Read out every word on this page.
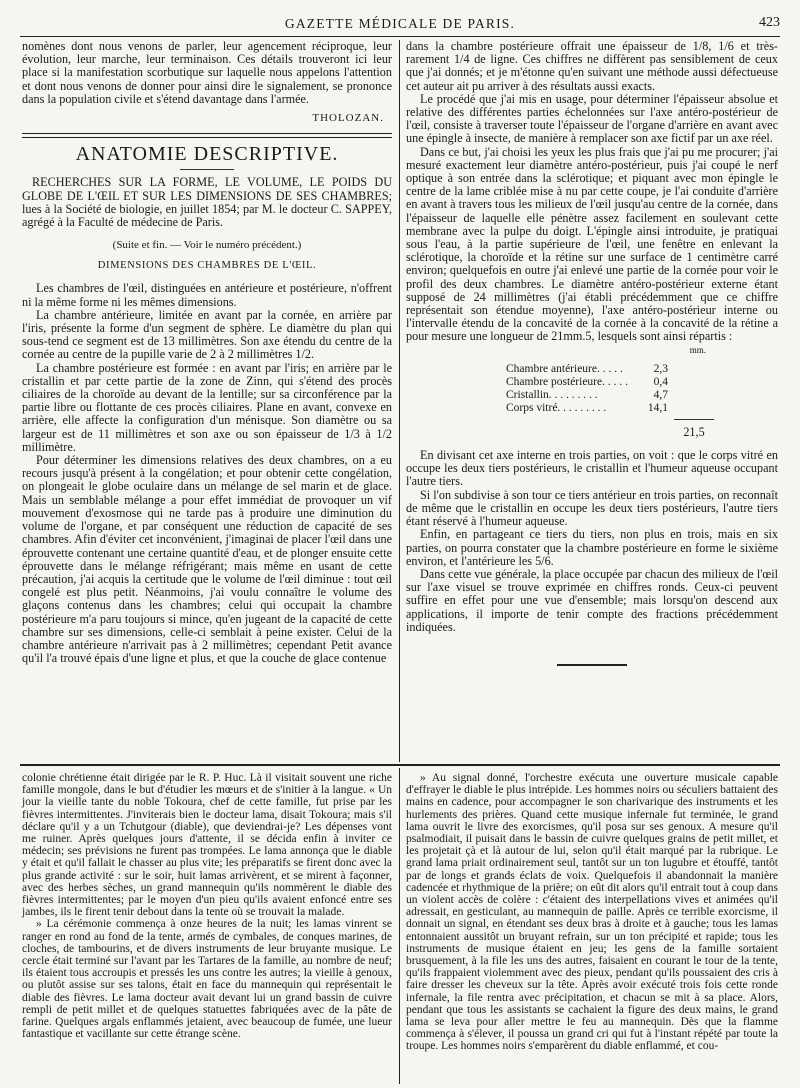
GAZETTE MÉDICALE DE PARIS.	423

nomènes dont nous venons de parler, leur agencement réciproque, leur évolution, leur marche, leur terminaison. Ces détails trouveront ici leur place si la manifestation scorbutique sur laquelle nous appelons l'attention et dont nous venons de donner pour ainsi dire le signalement, se prononce dans la population civile et s'étend davantage dans l'armée.

THOLOZAN.
ANATOMIE DESCRIPTIVE.
RECHERCHES SUR LA FORME, LE VOLUME, LE POIDS DU GLOBE DE L'ŒIL ET SUR LES DIMENSIONS DE SES CHAMBRES; lues à la Société de biologie, en juillet 1854; par M. le docteur C. SAPPEY, agrégé à la Faculté de médecine de Paris.
(Suite et fin. — Voir le numéro précédent.)
DIMENSIONS DES CHAMBRES DE L'ŒIL.

Les chambres de l'œil, distinguées en antérieure et postérieure, n'offrent ni la même forme ni les mêmes dimensions.

La chambre antérieure, limitée en avant par la cornée, en arrière par l'iris, présente la forme d'un segment de sphère. Le diamètre du plan qui sous-tend ce segment est de 13 millimètres. Son axe étendu du centre de la cornée au centre de la pupille varie de 2 à 2 millimètres 1/2.

La chambre postérieure est formée : en avant par l'iris; en arrière par le cristallin et par cette partie de la zone de Zinn, qui s'étend des procès ciliaires de la choroïde au devant de la lentille; sur sa circonférence par la partie libre ou flottante de ces procès ciliaires. Plane en avant, convexe en arrière, elle affecte la configuration d'un ménisque. Son diamètre ou sa largeur est de 11 millimètres et son axe ou son épaisseur de 1/3 à 1/2 millimètre.

Pour déterminer les dimensions relatives des deux chambres, on a eu recours jusqu'à présent à la congélation; et pour obtenir cette congélation, on plongeait le globe oculaire dans un mélange de sel marin et de glace. Mais un semblable mélange a pour effet immédiat de provoquer un vif mouvement d'exosmose qui ne tarde pas à produire une diminution du volume de l'organe, et par conséquent une réduction de capacité de ses chambres. Afin d'éviter cet inconvénient, j'imaginai de placer l'œil dans une éprouvette contenant une certaine quantité d'eau, et de plonger ensuite cette éprouvette dans le mélange réfrigérant; mais même en usant de cette précaution, j'ai acquis la certitude que le volume de l'œil diminue : tout œil congelé est plus petit. Néanmoins, j'ai voulu connaître le volume des glaçons contenus dans les chambres; celui qui occupait la chambre postérieure m'a paru toujours si mince, qu'en jugeant de la capacité de cette chambre sur ses dimensions, celle-ci semblait à peine exister. Celui de la chambre antérieure n'arrivait pas à 2 millimètres; cependant Petit avance qu'il l'a trouvé épais d'une ligne et plus, et que la couche de glace contenue

dans la chambre postérieure offrait une épaisseur de 1/8, 1/6 et très-rarement 1/4 de ligne. Ces chiffres ne diffèrent pas sensiblement de ceux que j'ai donnés; et je m'étonne qu'en suivant une méthode aussi défectueuse cet auteur ait pu arriver à des résultats aussi exacts.

Le procédé que j'ai mis en usage, pour déterminer l'épaisseur absolue et relative des différentes parties échelonnées sur l'axe antéro-postérieur de l'œil, consiste à traverser toute l'épaisseur de l'organe d'arrière en avant avec une épingle à insecte, de manière à remplacer son axe fictif par un axe réel.

Dans ce but, j'ai choisi les yeux les plus frais que j'ai pu me procurer; j'ai mesuré exactement leur diamètre antéro-postérieur, puis j'ai coupé le nerf optique à son entrée dans la sclérotique; et piquant avec mon épingle le centre de la lame criblée mise à nu par cette coupe, je l'ai conduite d'arrière en avant à travers tous les milieux de l'œil jusqu'au centre de la cornée, dans l'épaisseur de laquelle elle pénètre assez facilement en soulevant cette membrane avec la pulpe du doigt. L'épingle ainsi introduite, je pratiquai sous l'eau, à la partie supérieure de l'œil, une fenêtre en enlevant la sclérotique, la choroïde et la rétine sur une surface de 1 centimètre carré environ; quelquefois en outre j'ai enlevé une partie de la cornée pour voir le profil des deux chambres. Le diamètre antéro-postérieur externe étant supposé de 24 millimètres (j'ai établi précédemment que ce chiffre représentait son étendue moyenne), l'axe antéro-postérieur interne ou l'intervalle étendu de la concavité de la cornée à la concavité de la rétine a pour mesure une longueur de 21mm.5, lesquels sont ainsi répartis :

mm.
Chambre antérieure. . . . .	2,3
Chambre postérieure. . . . .	0,4
Cristallin. . . . . . . . .	4,7
Corps vitré. . . . . . . . .	14,1
21,5

En divisant cet axe interne en trois parties, on voit : que le corps vitré en occupe les deux tiers postérieurs, le cristallin et l'humeur aqueuse occupant l'autre tiers.

Si l'on subdivise à son tour ce tiers antérieur en trois parties, on reconnaît de même que le cristallin en occupe les deux tiers postérieurs, l'autre tiers étant réservé à l'humeur aqueuse.

Enfin, en partageant ce tiers du tiers, non plus en trois, mais en six parties, on pourra constater que la chambre postérieure en forme le sixième environ, et l'antérieure les 5/6.

Dans cette vue générale, la place occupée par chacun des milieux de l'œil sur l'axe visuel se trouve exprimée en chiffres ronds. Ceux-ci peuvent suffire en effet pour une vue d'ensemble; mais lorsqu'on descend aux applications, il importe de tenir compte des fractions précédemment indiquées.

colonie chrétienne était dirigée par le R. P. Huc. Là il visitait souvent une riche famille mongole, dans le but d'étudier les mœurs et de s'initier à la langue. « Un jour la vieille tante du noble Tokoura, chef de cette famille, fut prise par les fièvres intermittentes. J'inviterais bien le docteur lama, disait Tokoura; mais s'il déclare qu'il y a un Tchutgour (diable), que deviendrai-je? Les dépenses vont me ruiner. Après quelques jours d'attente, il se décida enfin à inviter ce médecin; ses prévisions ne furent pas trompées. Le lama annonça que le diable y était et qu'il fallait le chasser au plus vite; les préparatifs se firent donc avec la plus grande activité : sur le soir, huit lamas arrivèrent, et se mirent à façonner, avec des herbes sèches, un grand mannequin qu'ils nommèrent le diable des fièvres intermittentes; par le moyen d'un pieu qu'ils avaient enfoncé entre ses jambes, ils le firent tenir debout dans la tente où se trouvait la malade.

» La cérémonie commença à onze heures de la nuit; les lamas vinrent se ranger en rond au fond de la tente, armés de cymbales, de conques marines, de cloches, de tambourins, et de divers instruments de leur bruyante musique. Le cercle était terminé sur l'avant par les Tartares de la famille, au nombre de neuf; ils étaient tous accroupis et pressés les uns contre les autres; la vieille à genoux, ou plutôt assise sur ses talons, était en face du mannequin qui représentait le diable des fièvres. Le lama docteur avait devant lui un grand bassin de cuivre rempli de petit millet et de quelques statuettes fabriquées avec de la pâte de farine. Quelques argals enflammés jetaient, avec beaucoup de fumée, une lueur fantastique et vacillante sur cette étrange scène.

» Au signal donné, l'orchestre exécuta une ouverture musicale capable d'effrayer le diable le plus intrépide. Les hommes noirs ou séculiers battaient des mains en cadence, pour accompagner le son charivarique des instruments et les hurlements des prières. Quand cette musique infernale fut terminée, le grand lama ouvrit le livre des exorcismes, qu'il posa sur ses genoux. A mesure qu'il psalmodiait, il puisait dans le bassin de cuivre quelques grains de petit millet, et les projetait çà et là autour de lui, selon qu'il était marqué par la rubrique. Le grand lama priait ordinairement seul, tantôt sur un ton lugubre et étouffé, tantôt par de longs et grands éclats de voix. Quelquefois il abandonnait la manière cadencée et rhythmique de la prière; on eût dit alors qu'il entrait tout à coup dans un violent accès de colère : c'étaient des interpellations vives et animées qu'il adressait, en gesticulant, au mannequin de paille. Après ce terrible exorcisme, il donnait un signal, en étendant ses deux bras à droite et à gauche; tous les lamas entonnaient aussitôt un bruyant refrain, sur un ton précipité et rapide; tous les instruments de musique étaient en jeu; les gens de la famille sortaient brusquement, à la file les uns des autres, faisaient en courant le tour de la tente, qu'ils frappaient violemment avec des pieux, pendant qu'ils poussaient des cris à faire dresser les cheveux sur la tête. Après avoir exécuté trois fois cette ronde infernale, la file rentra avec précipitation, et chacun se mit à sa place. Alors, pendant que tous les assistants se cachaient la figure des deux mains, le grand lama se leva pour aller mettre le feu au mannequin. Dès que la flamme commença à s'élever, il poussa un grand cri qui fut à l'instant répété par toute la troupe. Les hommes noirs s'emparèrent du diable enflammé, et cou-
